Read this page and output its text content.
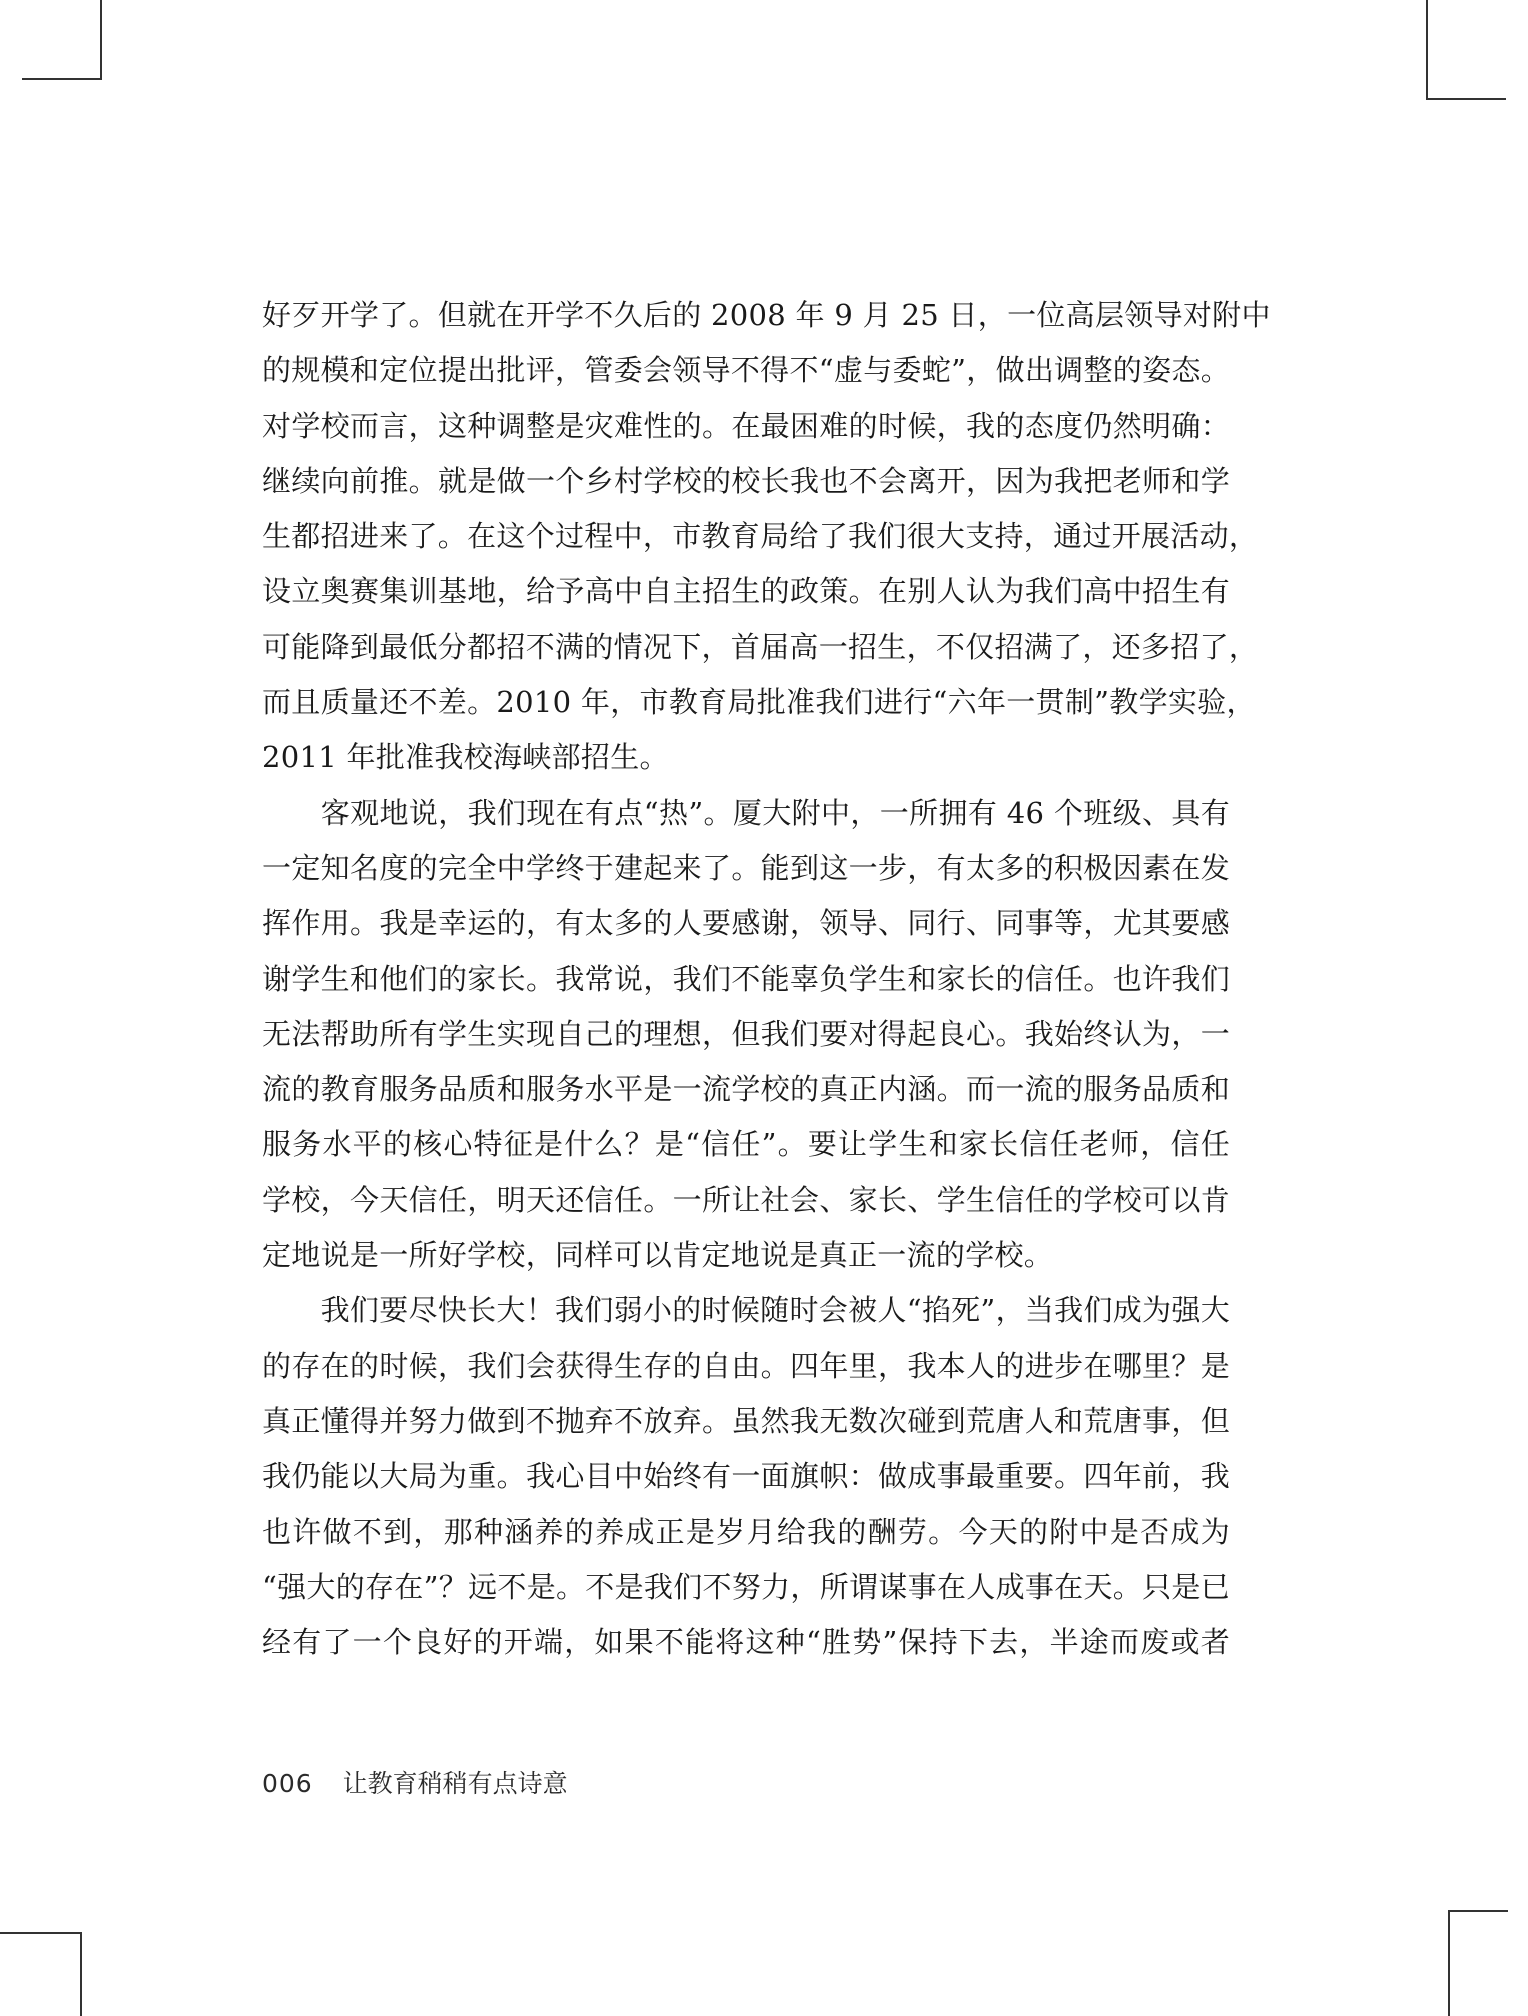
好歹开学了。但就在开学不久后的 2008 年 9 月 25 日，一位高层领导对附中
的规模和定位提出批评，管委会领导不得不“虚与委蛇”，做出调整的姿态。
对学校而言，这种调整是灾难性的。在最困难的时候，我的态度仍然明确：
继续向前推。就是做一个乡村学校的校长我也不会离开，因为我把老师和学
生都招进来了。在这个过程中，市教育局给了我们很大支持，通过开展活动，
设立奥赛集训基地，给予高中自主招生的政策。在别人认为我们高中招生有
可能降到最低分都招不满的情况下，首届高一招生，不仅招满了，还多招了，
而且质量还不差。2010 年，市教育局批准我们进行“六年一贯制”教学实验，
2011 年批准我校海峡部招生。
　　客观地说，我们现在有点“热”。厦大附中，一所拥有 46 个班级、具有
一定知名度的完全中学终于建起来了。能到这一步，有太多的积极因素在发
挥作用。我是幸运的，有太多的人要感谢，领导、同行、同事等，尤其要感
谢学生和他们的家长。我常说，我们不能辜负学生和家长的信任。也许我们
无法帮助所有学生实现自己的理想，但我们要对得起良心。我始终认为，一
流的教育服务品质和服务水平是一流学校的真正内涵。而一流的服务品质和
服务水平的核心特征是什么？是“信任”。要让学生和家长信任老师，信任
学校，今天信任，明天还信任。一所让社会、家长、学生信任的学校可以肯
定地说是一所好学校，同样可以肯定地说是真正一流的学校。
　　我们要尽快长大！我们弱小的时候随时会被人“掐死”，当我们成为强大
的存在的时候，我们会获得生存的自由。四年里，我本人的进步在哪里？是
真正懂得并努力做到不抛弃不放弃。虽然我无数次碰到荒唐人和荒唐事，但
我仍能以大局为重。我心目中始终有一面旗帜：做成事最重要。四年前，我
也许做不到，那种涵养的养成正是岁月给我的酬劳。今天的附中是否成为
“强大的存在”？远不是。不是我们不努力，所谓谋事在人成事在天。只是已
经有了一个良好的开端，如果不能将这种“胜势”保持下去，半途而废或者
006 让教育稍稍有点诗意
